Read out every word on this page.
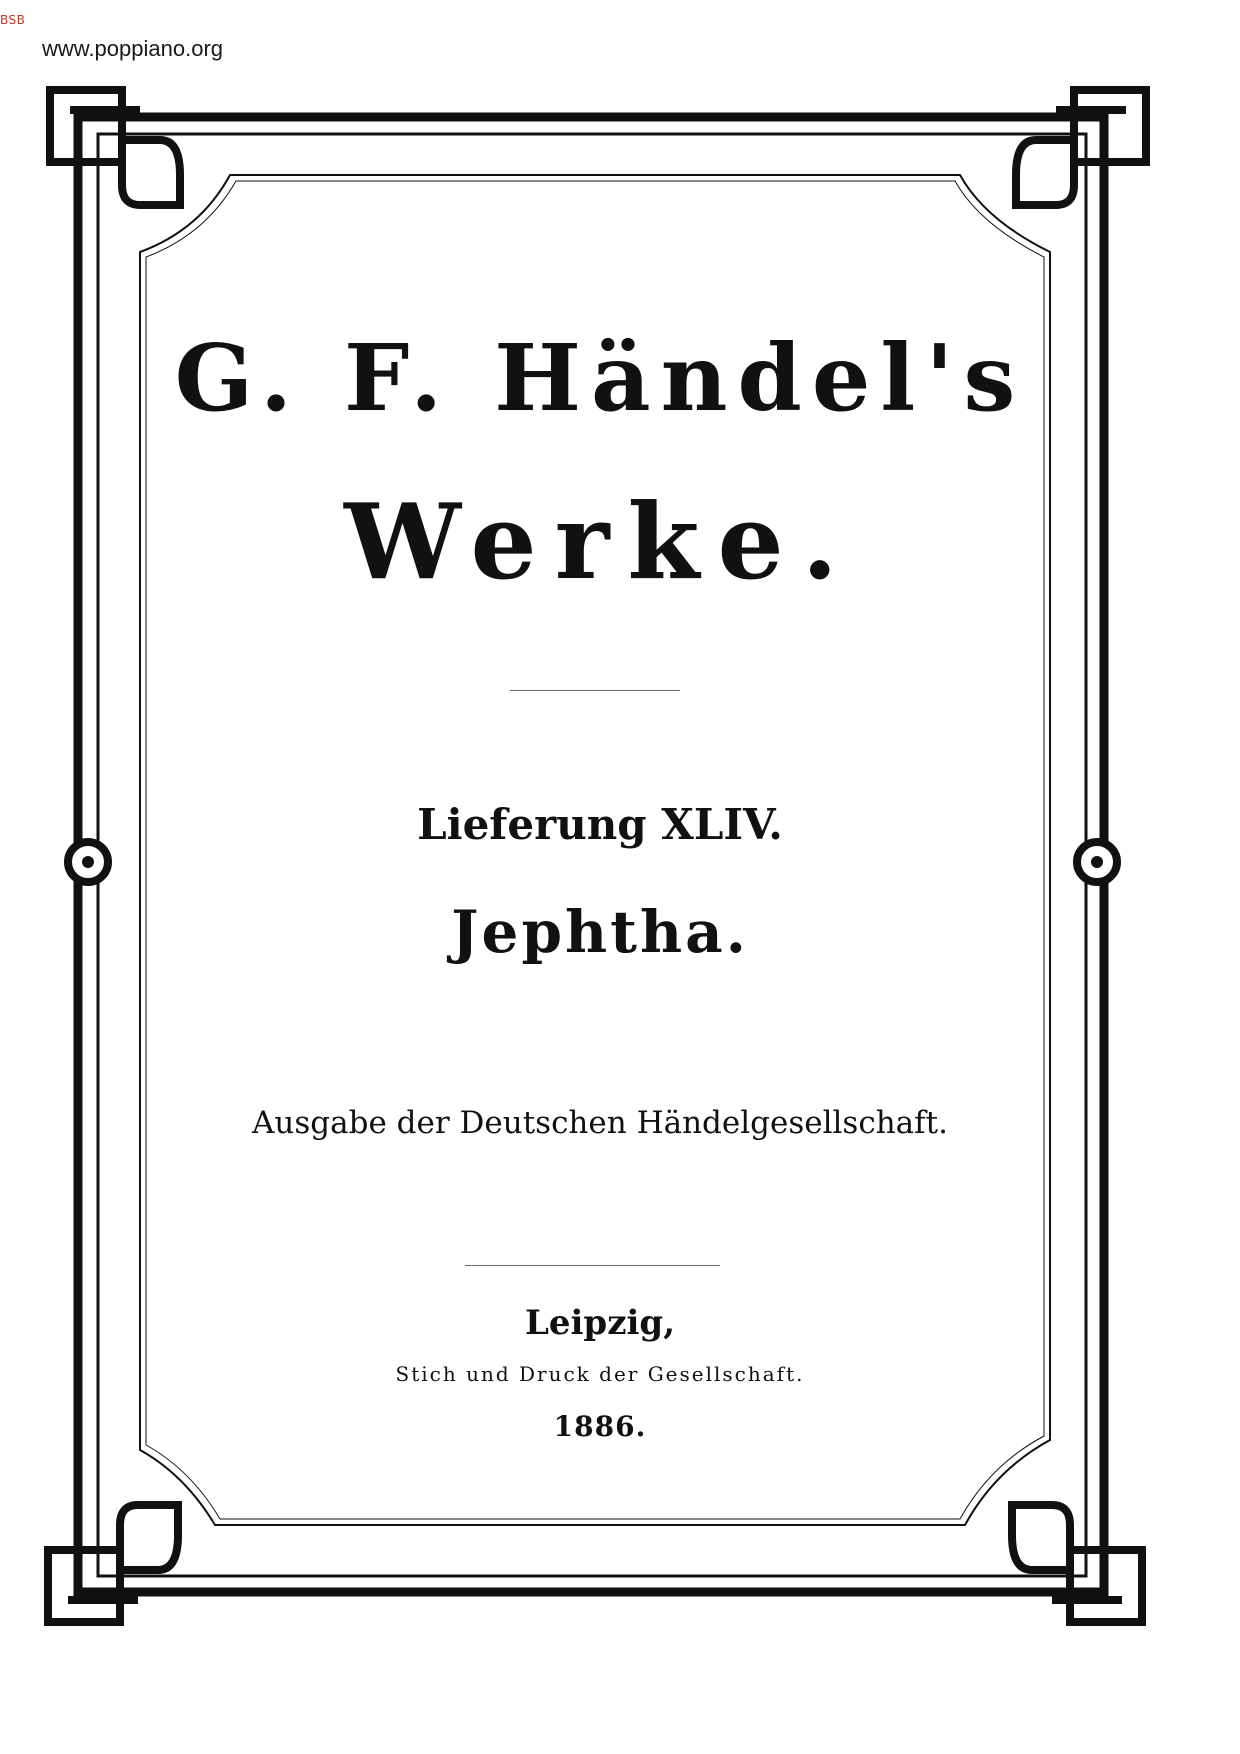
BSB
www.poppiano.org
G. F. Händel's
Werke.
Lieferung XLIV.
Jephtha.
Ausgabe der Deutschen Händelgesellschaft.
Leipzig,
Stich und Druck der Gesellschaft.
1886.
